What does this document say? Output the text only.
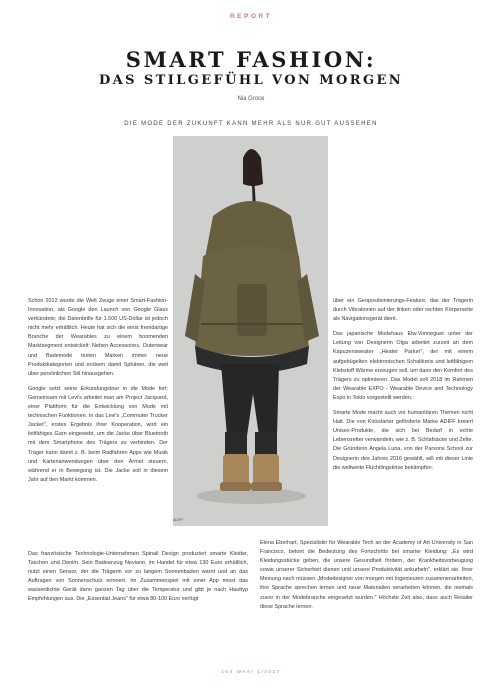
REPORT
SMART FASHION:
DAS STILGEFÜHL VON MORGEN
Nia Groce
DIE MODE DER ZUKUNFT KANN MEHR ALS NUR GUT AUSSEHEN
ADIFF

Schon 2012 wurde die Welt Zeuge einer Smart-Fashion-Innovation, als Google den Launch von Google Glass verkündete; die Datenbrille für 1.500 US-Dollar ist jedoch nicht mehr erhältlich. Heute hat sich die einst fremdartige Branche der Wearables zu einem boomenden Marktsegment entwickelt: Neben Accessoires, Outerwear und Bademode testen Marken immer neue Produktkategorien und erobern damit Sphären, die weit über persönlichen Stil hinausgehen.

Google setzt seine Erkundungstour in die Mode fort: Gemeinsam mit Levi's arbeitet man am Project Jacquard, einer Plattform für die Entwicklung von Mode mit technischen Funktionen. In das Levi's „Commuter Trucker Jacket", erstes Ergebnis ihrer Kooperation, wird ein leitfähiges Garn eingewebt, um die Jacke über Bluetooth mit dem Smartphone des Trägers zu verbinden. Der Träger kann damit z. B. beim Radfahren Apps wie Musik und Kartenanwendungen über den Ärmel steuern, während er in Bewegung ist. Die Jacke soll in diesem Jahr auf den Markt kommen.

über ein Geopositionierungs-Feature, das der Trägerin durch Vibrationen auf der linken oder rechten Körperseite als Navigationsgerät dient.

Das japanische Modehaus Etw.Vonneguet unter der Leitung von Designerin Olga arbeitet zurzeit an dem Kapuzensweater „Heater Parker", der mit einem aufgebügelten elektronischen Schaltkreis und leitfähigem Klebstoff Wärme erzeugen soll, um dann den Komfort des Trägers zu optimieren. Das Model soll 2018 im Rahmen der Wearable EXPO - Wearable Device and Technology Expo in Tokio vorgestellt werden.

Smarte Mode macht auch vor humanitären Themen nicht Halt. Die von Kickstarter geförderte Marke ADIFF kreiert Unisex-Produkte, die sich bei Bedarf in echte Lebensretter verwandeln, wie z. B. Schlafsäcke und Zelte. Die Gründerin Angela Luna, von der Parsons School zur Designerin des Jahres 2016 gewählt, will mit dieser Linie die weltweite Flüchtlingskrise bekämpfen.

Das französische Technologie-Unternehmen Spinali Design produziert smarte Kleider, Taschen und Denim. Sein Badeanzug Neviano, im Handel für etwa 130 Euro erhältlich, nutzt einen Sensor, der die Trägerin vor zu langem Sonnenbaden warnt und an das Auftragen von Sonnenschutz erinnert. Im Zusammenspiel mit einer App misst das wasserdichte Gerät dann ganzen Tag über die Temperatur und gibt je nach Hauttyp Empfehlungen aus. Die „Essential Jeans" für etwa 80-100 Euro verfügt

Elena Eberhart, Spezialistin für Wearable Tech an der Academy of Art University in San Francisco, betont die Bedeutung des Fortschritts bei smarter Kleidung: „Es wird Kleidungsstücke geben, die unsere Gesundheit fördern, der Krankheitsvorbeugung sowie unserer Sicherheit dienen und unsere Produktivität ankurbeln", erklärt sie. Ihrer Meinung nach müssen „Modedesigner von morgen mit Ingenieuren zusammenarbeiten, ihre Sprache sprechen lernen und neue Materialien verarbeiten können, die niemals zuvor in der Modebranche eingesetzt wurden." Höchste Zeit also, dass auch Retailer diese Sprache lernen.

164 WeAr 1/2017
